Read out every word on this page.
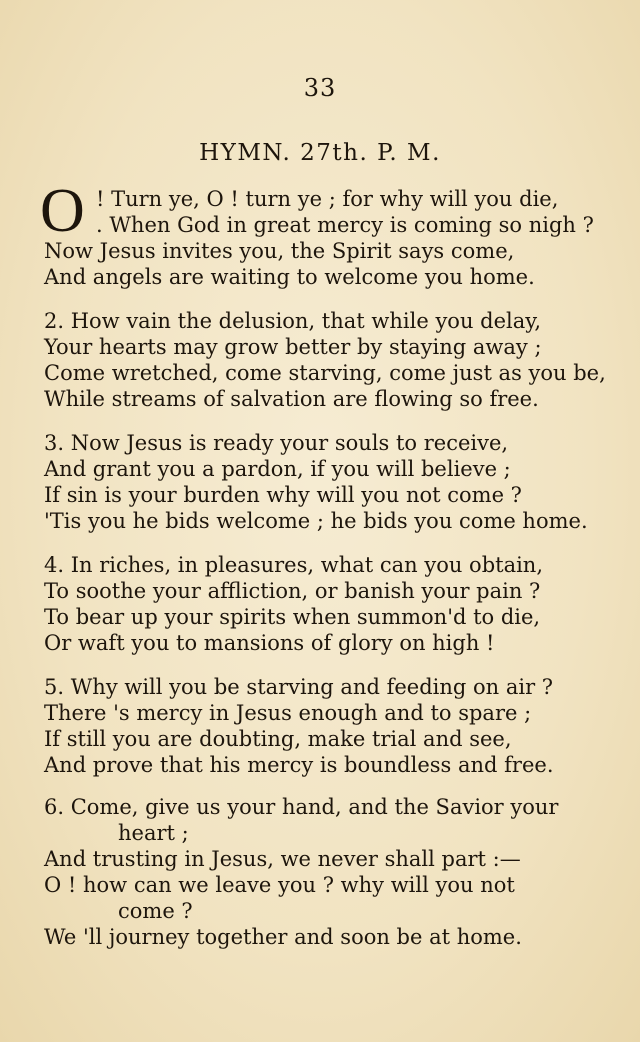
33
HYMN. 27th. P. M.
O ! Turn ye, O ! turn ye ; for why will you die,
. When God in great mercy is coming so nigh ?
Now Jesus invites you, the Spirit says come,
And angels are waiting to welcome you home.
2. How vain the delusion, that while you delay,
Your hearts may grow better by staying away ;
Come wretched, come starving, come just as you be,
While streams of salvation are flowing so free.
3. Now Jesus is ready your souls to receive,
And grant you a pardon, if you will believe ;
If sin is your burden why will you not come ?
'Tis you he bids welcome ; he bids you come home.
4. In riches, in pleasures, what can you obtain,
To soothe your affliction, or banish your pain ?
To bear up your spirits when summon'd to die,
Or waft you to mansions of glory on high !
5. Why will you be starving and feeding on air ?
There 's mercy in Jesus enough and to spare ;
If still you are doubting, make trial and see,
And prove that his mercy is boundless and free.
6. Come, give us your hand, and the Savior your
heart ;
And trusting in Jesus, we never shall part :—
O ! how can we leave you ? why will you not
come ?
We 'll journey together and soon be at home.
